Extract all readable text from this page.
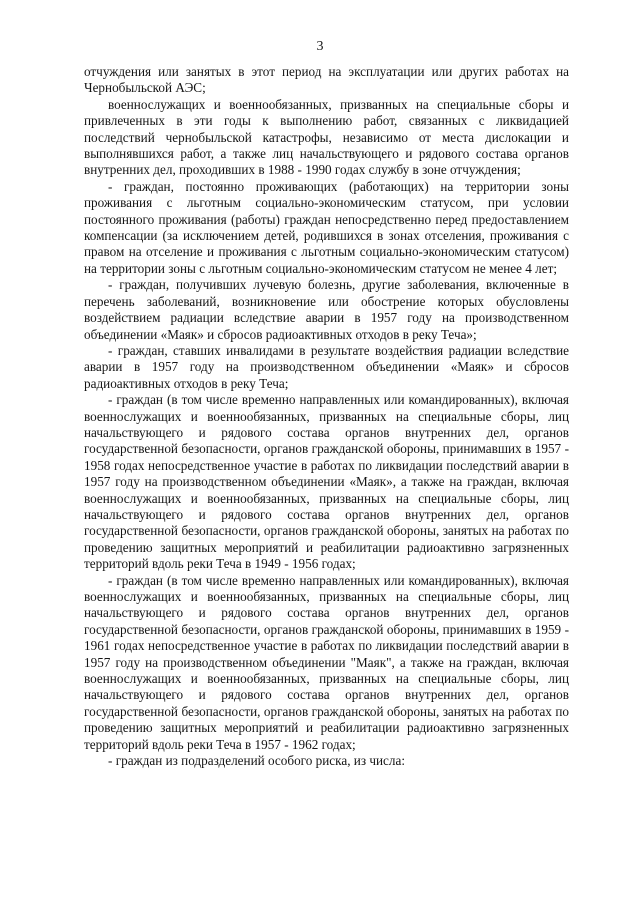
3

отчуждения или занятых в этот период на эксплуатации или других работах на Чернобыльской АЭС;

военнослужащих и военнообязанных, призванных на специальные сборы и привлеченных в эти годы к выполнению работ, связанных с ликвидацией последствий чернобыльской катастрофы, независимо от места дислокации и выполнявшихся работ, а также лиц начальствующего и рядового состава органов внутренних дел, проходивших в 1988 - 1990 годах службу в зоне отчуждения;

- граждан, постоянно проживающих (работающих) на территории зоны проживания с льготным социально-экономическим статусом, при условии постоянного проживания (работы) граждан непосредственно перед предоставлением компенсации (за исключением детей, родившихся в зонах отселения, проживания с правом на отселение и проживания с льготным социально-экономическим статусом) на территории зоны с льготным социально-экономическим статусом не менее 4 лет;

- граждан, получивших лучевую болезнь, другие заболевания, включенные в перечень заболеваний, возникновение или обострение которых обусловлены воздействием радиации вследствие аварии в 1957 году на производственном объединении «Маяк» и сбросов радиоактивных отходов в реку Теча»;

- граждан, ставших инвалидами в результате воздействия радиации вследствие аварии в 1957 году на производственном объединении «Маяк» и сбросов радиоактивных отходов в реку Теча;

- граждан (в том числе временно направленных или командированных), включая военнослужащих и военнообязанных, призванных на специальные сборы, лиц начальствующего и рядового состава органов внутренних дел, органов государственной безопасности, органов гражданской обороны, принимавших в 1957 - 1958 годах непосредственное участие в работах по ликвидации последствий аварии в 1957 году на производственном объединении «Маяк», а также на граждан, включая военнослужащих и военнообязанных, призванных на специальные сборы, лиц начальствующего и рядового состава органов внутренних дел, органов государственной безопасности, органов гражданской обороны, занятых на работах по проведению защитных мероприятий и реабилитации радиоактивно загрязненных территорий вдоль реки Теча в 1949 - 1956 годах;

- граждан (в том числе временно направленных или командированных), включая военнослужащих и военнообязанных, призванных на специальные сборы, лиц начальствующего и рядового состава органов внутренних дел, органов государственной безопасности, органов гражданской обороны, принимавших в 1959 - 1961 годах непосредственное участие в работах по ликвидации последствий аварии в 1957 году на производственном объединении "Маяк", а также на граждан, включая военнослужащих и военнообязанных, призванных на специальные сборы, лиц начальствующего и рядового состава органов внутренних дел, органов государственной безопасности, органов гражданской обороны, занятых на работах по проведению защитных мероприятий и реабилитации радиоактивно загрязненных территорий вдоль реки Теча в 1957 - 1962 годах;

- граждан из подразделений особого риска, из числа:
